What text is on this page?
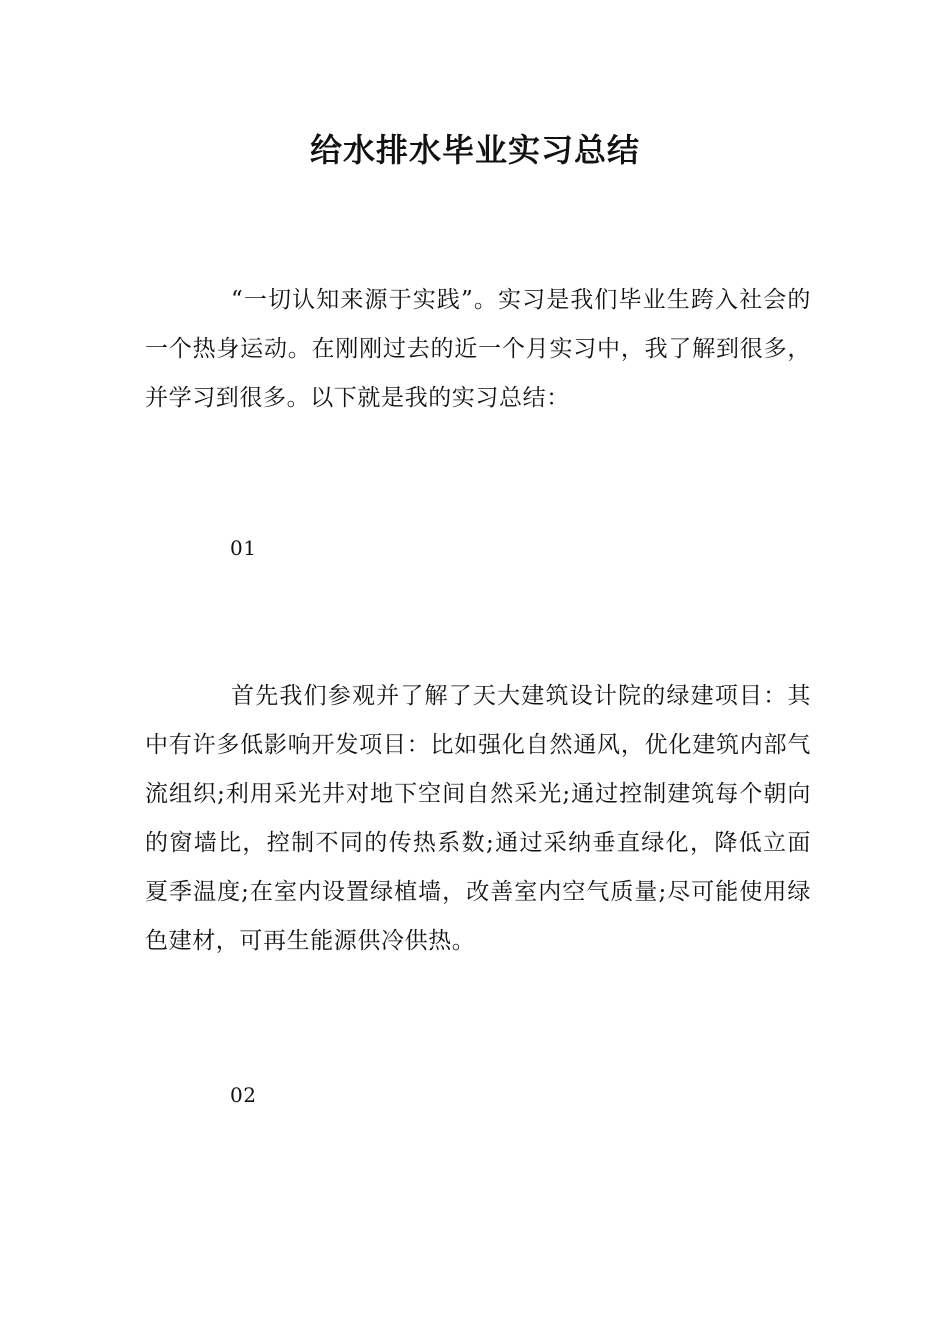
给水排水毕业实习总结
“一切认知来源于实践”。实习是我们毕业生跨入社会的一个热身运动。在刚刚过去的近一个月实习中，我了解到很多，并学习到很多。以下就是我的实习总结：
01
首先我们参观并了解了天大建筑设计院的绿建项目：其中有许多低影响开发项目：比如强化自然通风，优化建筑内部气流组织;利用采光井对地下空间自然采光;通过控制建筑每个朝向的窗墙比，控制不同的传热系数;通过采纳垂直绿化，降低立面夏季温度;在室内设置绿植墙，改善室内空气质量;尽可能使用绿色建材，可再生能源供冷供热。
02
